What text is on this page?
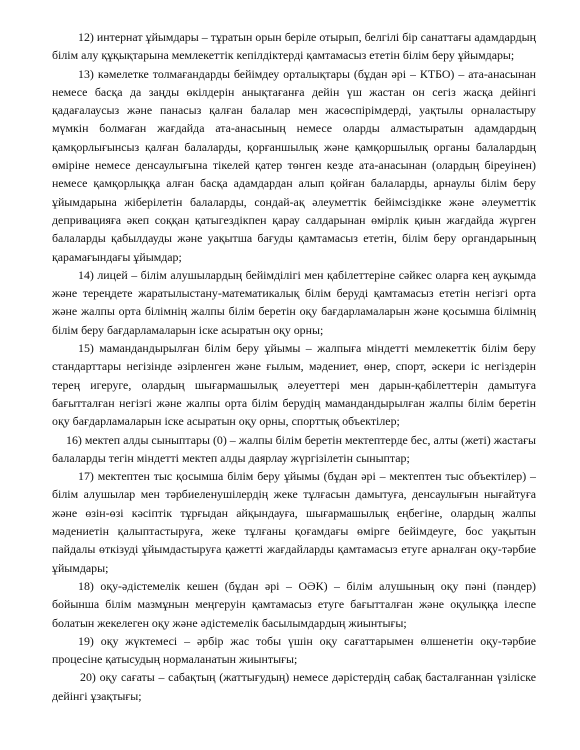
12) интернат ұйымдары – тұратын орын беріле отырып, белгілі бір санаттағы адамдардың білім алу құқықтарына мемлекеттік кепілдіктерді қамтамасыз ететін білім беру ұйымдары;

13) кәмелетке толмағандарды бейімдеу орталықтары (бұдан әрі – КТБО) – ата-анасынан немесе басқа да заңды өкілдерін анықтағанға дейін үш жастан он сегіз жасқа дейінгі қадағалаусыз және панасыз қалған балалар мен жасөспірімдерді, уақтылы орналастыру мүмкін болмаған жағдайда ата-анасының немесе оларды алмастыратын адамдардың қамқорлығынсыз қалған балаларды, қорғаншылық және қамқоршылық органы балалардың өміріне немесе денсаулығына тікелей қатер төнген кезде ата-анасынан (олардың біреуінен) немесе қамқорлыққа алған басқа адамдардан алып қойған балаларды, арнаулы білім беру ұйымдарына жіберілетін балаларды, сондай-ақ әлеуметтік бейімсіздікке және әлеуметтік депривацияға әкеп соққан қатыгездікпен қарау салдарынан өмірлік қиын жағдайда жүрген балаларды қабылдауды және уақытша бағуды қамтамасыз ететін, білім беру органдарының қарамағындағы ұйымдар;

14) лицей – білім алушылардың бейімділігі мен қабілеттеріне сәйкес оларға кең ауқымда және тереңдете жаратылыстану-математикалық білім беруді қамтамасыз ететін негізгі орта және жалпы орта білімнің жалпы білім беретін оқу бағдарламаларын және қосымша білімнің білім беру бағдарламаларын іске асыратын оқу орны;

15) мамандандырылған білім беру ұйымы – жалпыға міндетті мемлекеттік білім беру стандарттары негізінде әзірленген және ғылым, мәдениет, өнер, спорт, әскери іс негіздерін терең игеруге, олардың шығармашылық әлеуеттері мен дарын-қабілеттерін дамытуға бағытталған негізгі және жалпы орта білім берудің мамандандырылған жалпы білім беретін оқу бағдарламаларын іске асыратын оқу орны, спорттық объектілер;

16) мектеп алды сыныптары (0) – жалпы білім беретін мектептерде бес, алты (жеті) жастағы балаларды тегін міндетті мектеп алды даярлау жүргізілетін сыныптар;

17) мектептен тыс қосымша білім беру ұйымы (бұдан әрі – мектептен тыс объектілер) – білім алушылар мен тәрбиеленушілердің жеке тұлғасын дамытуға, денсаулығын нығайтуға және өзін-өзі кәсіптік тұрғыдан айқындауға, шығармашылық еңбегіне, олардың жалпы мәдениетін қалыптастыруға, жеке тұлғаны қоғамдағы өмірге бейімдеуге, бос уақытын пайдалы өткізуді ұйымдастыруға қажетті жағдайларды қамтамасыз етуге арналған оқу-тәрбие ұйымдары;

18) оқу-әдістемелік кешен (бұдан әрі – ОӘК) – білім алушының оқу пәні (пәндер) бойынша білім мазмұнын меңгеруін қамтамасыз етуге бағытталған және оқулыққа ілеспе болатын жекелеген оқу және әдістемелік басылымдардың жиынтығы;

19) оқу жүктемесі – әрбір жас тобы үшін оқу сағаттарымен өлшенетін оқу-тәрбие процесіне қатысудың нормаланатын жиынтығы;

20) оқу сағаты – сабақтың (жаттығудың) немесе дәрістердің сабақ басталғаннан үзіліске дейінгі ұзақтығы;
